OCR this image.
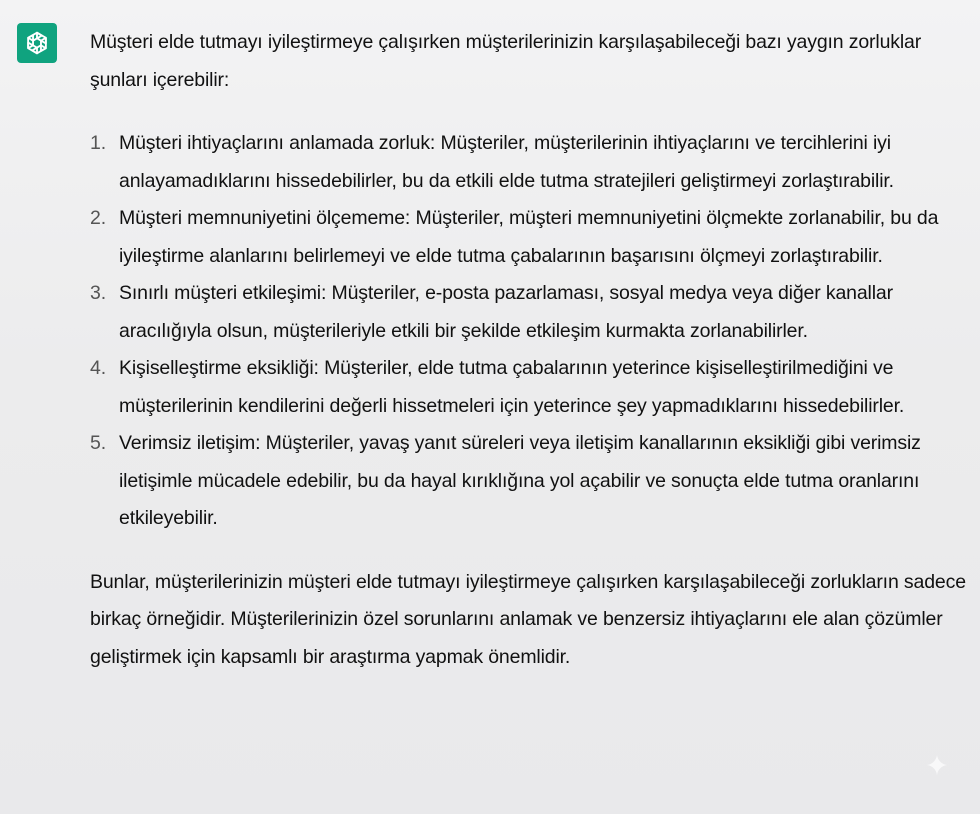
Müşteri elde tutmayı iyileştirmeye çalışırken müşterilerinizin karşılaşabileceği bazı yaygın zorluklar şunları içerebilir:

1. Müşteri ihtiyaçlarını anlamada zorluk: Müşteriler, müşterilerinin ihtiyaçlarını ve tercihlerini iyi anlayamadıklarını hissedebilirler, bu da etkili elde tutma stratejileri geliştirmeyi zorlaştırabilir.
2. Müşteri memnuniyetini ölçememe: Müşteriler, müşteri memnuniyetini ölçmekte zorlanabilir, bu da iyileştirme alanlarını belirlemeyi ve elde tutma çabalarının başarısını ölçmeyi zorlaştırabilir.
3. Sınırlı müşteri etkileşimi: Müşteriler, e-posta pazarlaması, sosyal medya veya diğer kanallar aracılığıyla olsun, müşterileriyle etkili bir şekilde etkileşim kurmakta zorlanabilirler.
4. Kişiselleştirme eksikliği: Müşteriler, elde tutma çabalarının yeterince kişiselleştirilmediğini ve müşterilerinin kendilerini değerli hissetmeleri için yeterince şey yapmadıklarını hissedebilirler.
5. Verimsiz iletişim: Müşteriler, yavaş yanıt süreleri veya iletişim kanallarının eksikliği gibi verimsiz iletişimle mücadele edebilir, bu da hayal kırıklığına yol açabilir ve sonuçta elde tutma oranlarını etkileyebilir.

Bunlar, müşterilerinizin müşteri elde tutmayı iyileştirmeye çalışırken karşılaşabileceği zorlukların sadece birkaç örneğidir. Müşterilerinizin özel sorunlarını anlamak ve benzersiz ihtiyaçlarını ele alan çözümler geliştirmek için kapsamlı bir araştırma yapmak önemlidir.
